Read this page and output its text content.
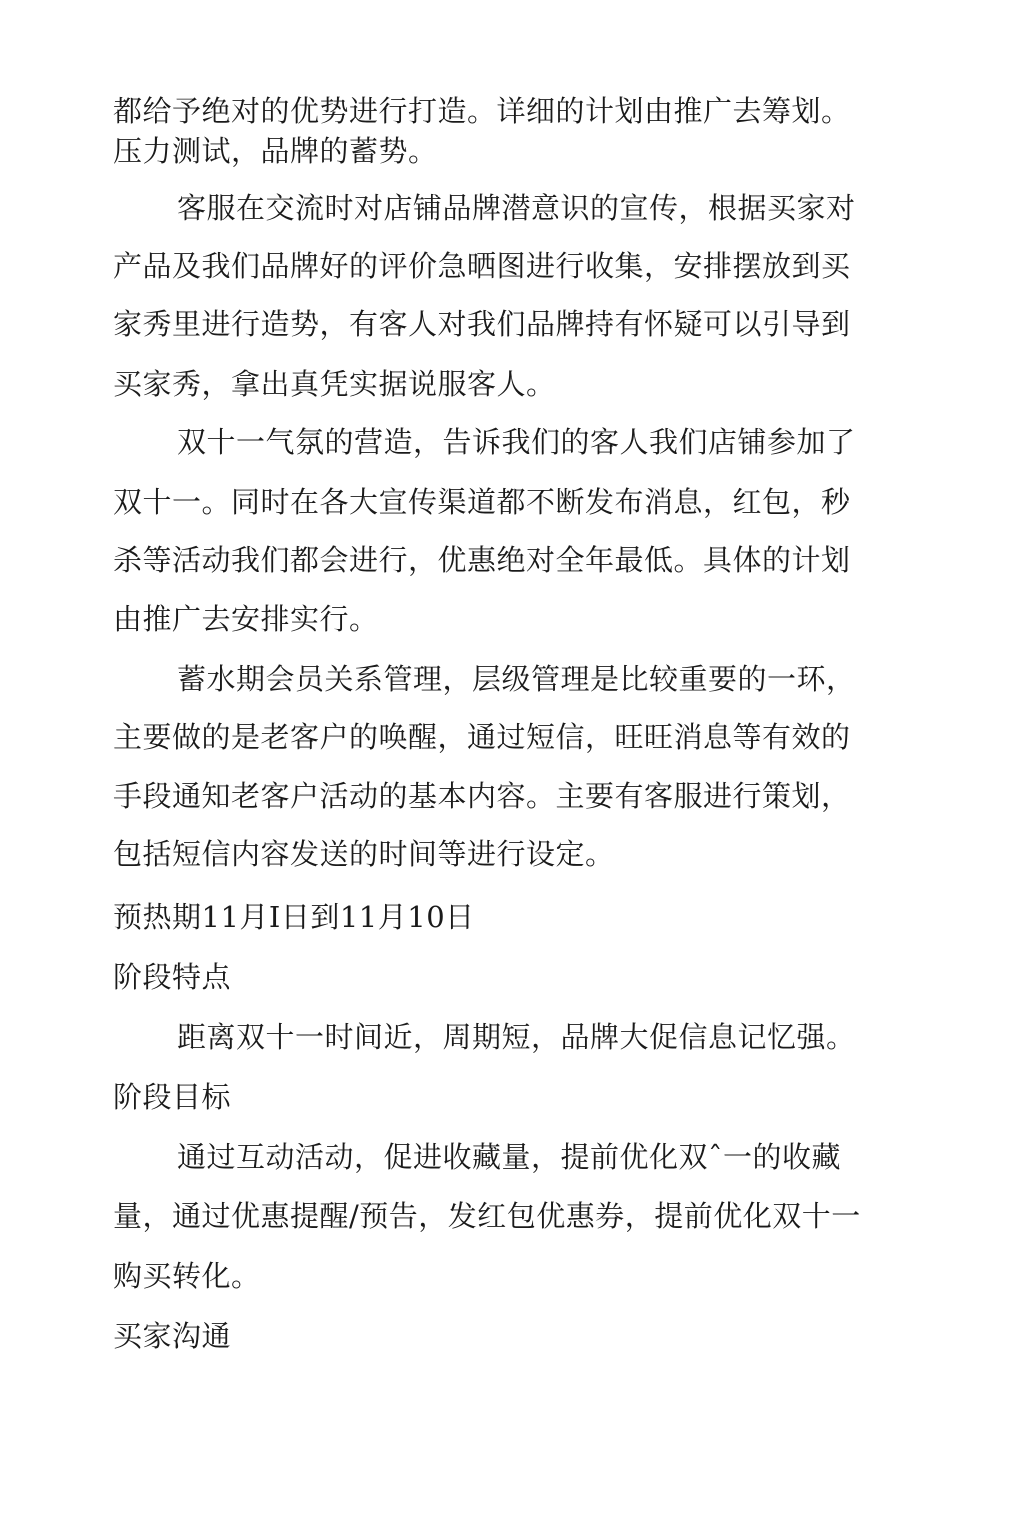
都给予绝对的优势进行打造。详细的计划由推广去筹划。

压力测试，品牌的蓄势。

客服在交流时对店铺品牌潜意识的宣传，根据买家对

产品及我们品牌好的评价急晒图进行收集，安排摆放到买

家秀里进行造势，有客人对我们品牌持有怀疑可以引导到

买家秀，拿出真凭实据说服客人。

双十一气氛的营造，告诉我们的客人我们店铺参加了

双十一。同时在各大宣传渠道都不断发布消息，红包，秒

杀等活动我们都会进行，优惠绝对全年最低。具体的计划

由推广去安排实行。

蓄水期会员关系管理，层级管理是比较重要的一环，

主要做的是老客户的唤醒，通过短信，旺旺消息等有效的

手段通知老客户活动的基本内容。主要有客服进行策划，

包括短信内容发送的时间等进行设定。

预热期11月I日到11月10日

阶段特点

距离双十一时间近，周期短，品牌大促信息记忆强。

阶段目标

通过互动活动，促进收藏量，提前优化双ˆ一的收藏

量，通过优惠提醒/预告，发红包优惠券，提前优化双十一

购买转化。

买家沟通
